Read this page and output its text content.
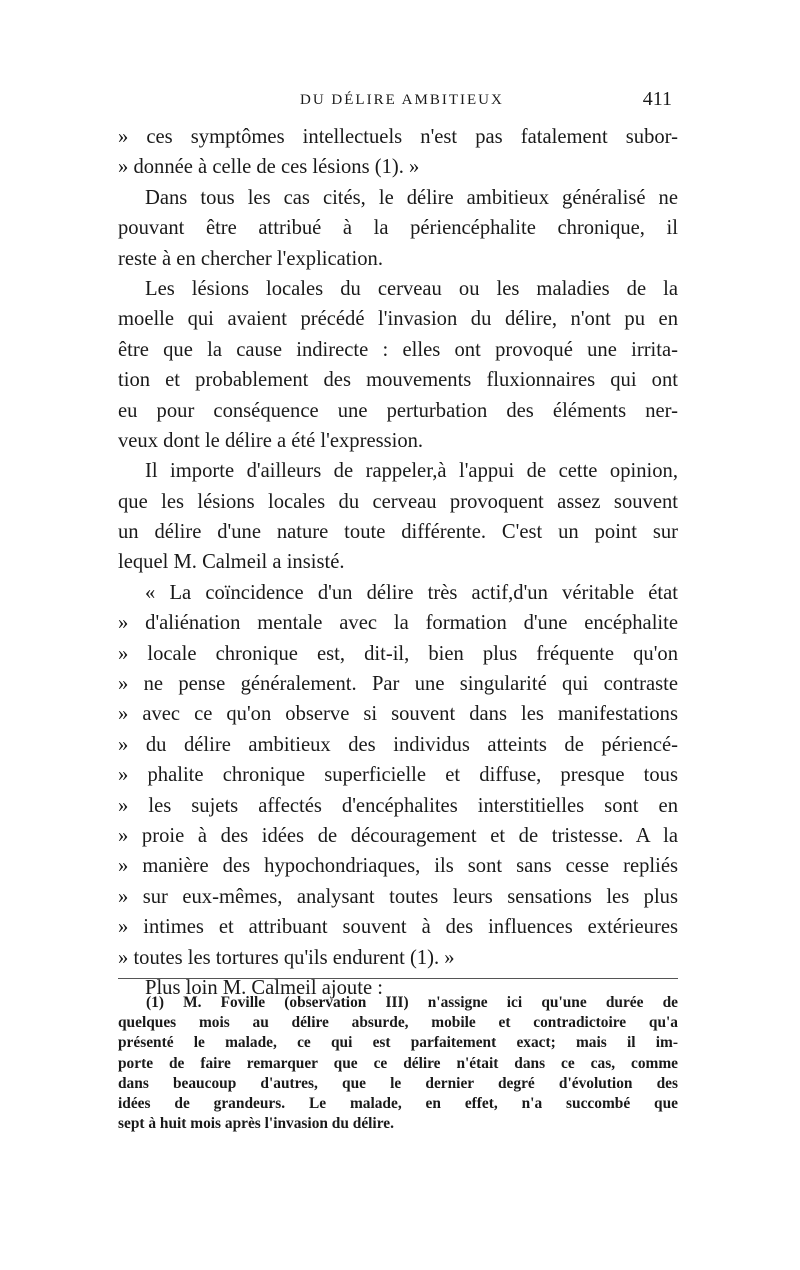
DU DÉLIRE AMBITIEUX	411
» ces symptômes intellectuels n'est pas fatalement subor-
» donnée à celle de ces lésions (1). »
Dans tous les cas cités, le délire ambitieux généralisé ne
pouvant être attribué à la périencéphalite chronique, il
reste à en chercher l'explication.
Les lésions locales du cerveau ou les maladies de la
moelle qui avaient précédé l'invasion du délire, n'ont pu en
être que la cause indirecte : elles ont provoqué une irrita-
tion et probablement des mouvements fluxionnaires qui ont
eu pour conséquence une perturbation des éléments ner-
veux dont le délire a été l'expression.
Il importe d'ailleurs de rappeler,à l'appui de cette opinion,
que les lésions locales du cerveau provoquent assez souvent
un délire d'une nature toute différente. C'est un point sur
lequel M. Calmeil a insisté.
« La coïncidence d'un délire très actif,d'un véritable état
» d'aliénation mentale avec la formation d'une encéphalite
» locale chronique est, dit-il, bien plus fréquente qu'on
» ne pense généralement. Par une singularité qui contraste
» avec ce qu'on observe si souvent dans les manifestations
» du délire ambitieux des individus atteints de périencé-
» phalite chronique superficielle et diffuse, presque tous
» les sujets affectés d'encéphalites interstitielles sont en
» proie à des idées de découragement et de tristesse. A la
» manière des hypochondriaques, ils sont sans cesse repliés
» sur eux-mêmes, analysant toutes leurs sensations les plus
» intimes et attribuant souvent à des influences extérieures
» toutes les tortures qu'ils endurent (1). »
Plus loin M. Calmeil ajoute :
(1) M. Foville (observation III) n'assigne ici qu'une durée de
quelques mois au délire absurde, mobile et contradictoire qu'a
présenté le malade, ce qui est parfaitement exact; mais il im-
porte de faire remarquer que ce délire n'était dans ce cas, comme
dans beaucoup d'autres, que le dernier degré d'évolution des
idées de grandeurs. Le malade, en effet, n'a succombé que
sept à huit mois après l'invasion du délire.
